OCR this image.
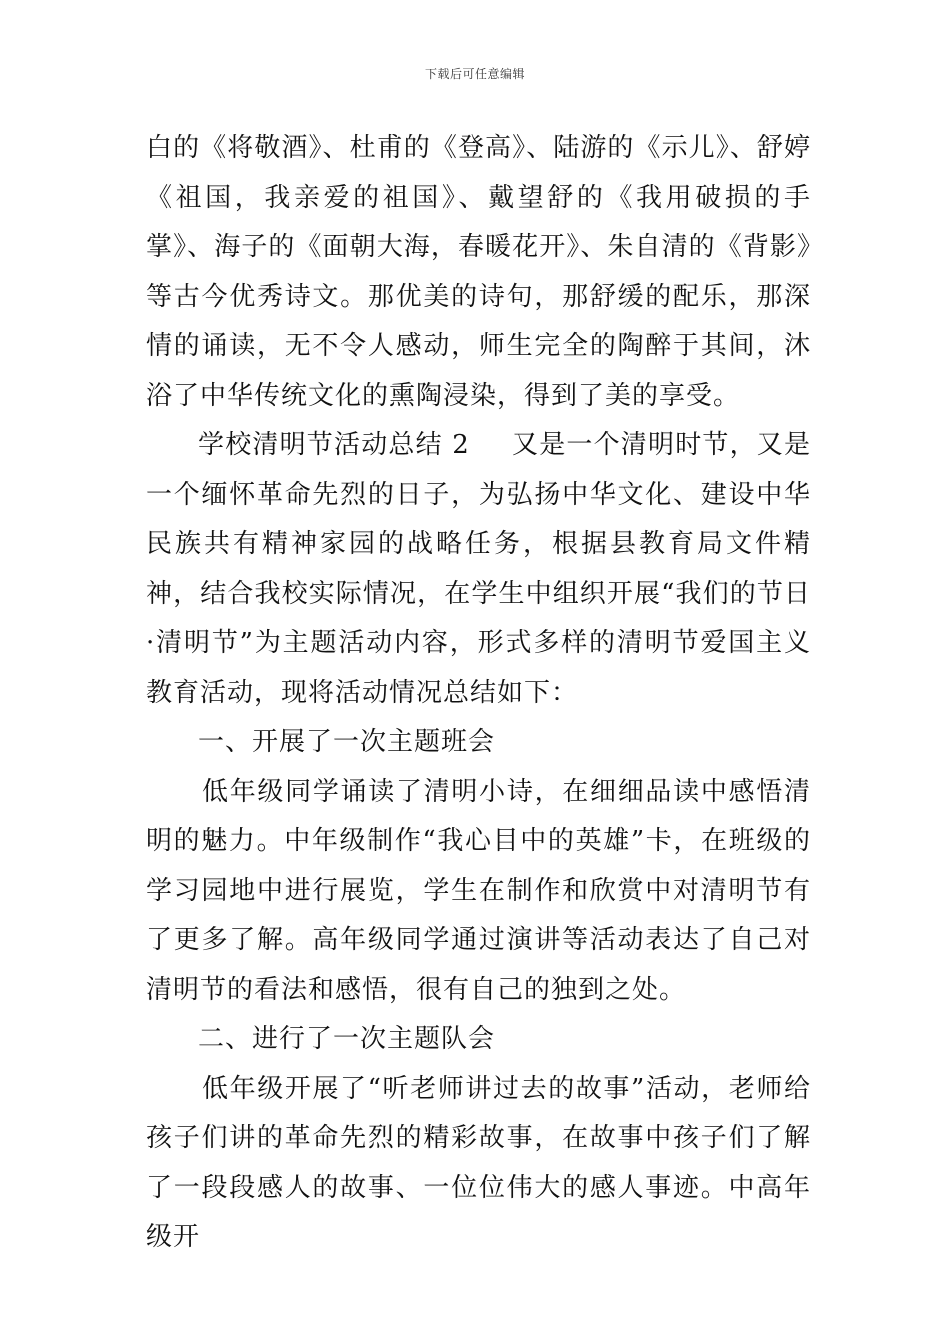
下载后可任意编辑

白的《将敬酒》、杜甫的《登高》、陆游的《示儿》、舒婷《祖国，我亲爱的祖国》、戴望舒的《我用破损的手掌》、海子的《面朝大海，春暖花开》、朱自清的《背影》等古今优秀诗文。那优美的诗句，那舒缓的配乐，那深情的诵读，无不令人感动，师生完全的陶醉于其间，沐浴了中华传统文化的熏陶浸染，得到了美的享受。

学校清明节活动总结 2 又是一个清明时节，又是一个缅怀革命先烈的日子，为弘扬中华文化、建设中华民族共有精神家园的战略任务，根据县教育局文件精神，结合我校实际情况，在学生中组织开展“我们的节日·清明节”为主题活动内容，形式多样的清明节爱国主义教育活动，现将活动情况总结如下：

一、开展了一次主题班会

低年级同学诵读了清明小诗，在细细品读中感悟清明的魅力。中年级制作“我心目中的英雄”卡，在班级的学习园地中进行展览，学生在制作和欣赏中对清明节有了更多了解。高年级同学通过演讲等活动表达了自己对清明节的看法和感悟，很有自己的独到之处。

二、进行了一次主题队会

低年级开展了“听老师讲过去的故事”活动，老师给孩子们讲的革命先烈的精彩故事，在故事中孩子们了解了一段段感人的故事、一位位伟大的感人事迹。中高年级开
